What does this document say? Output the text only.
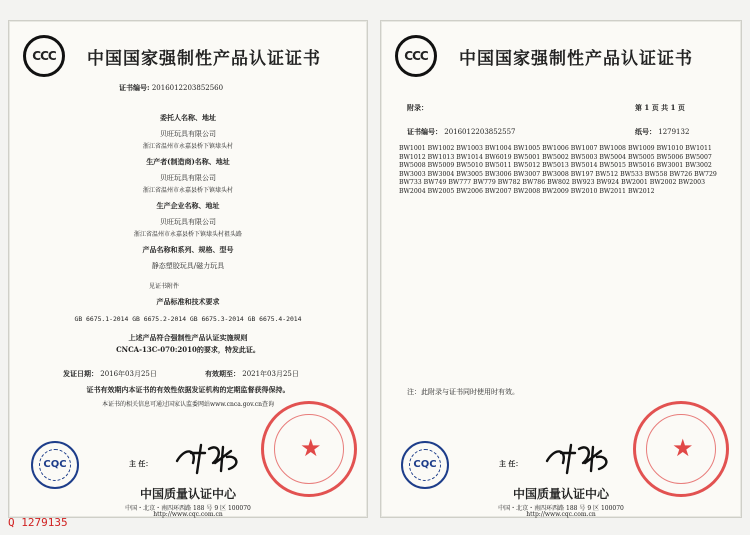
CCC 中国国家强制性产品认证证书
证书编号: 2016012203852560
委托人名称、地址
贝旺玩具有限公司
浙江省温州市永嘉县桥下镇埭头村
生产者(制造商)名称、地址
贝旺玩具有限公司
浙江省温州市永嘉县桥下镇埭头村
生产企业名称、地址
贝旺玩具有限公司
浙江省温州市永嘉县桥下镇埭头村祖头路
产品名称和系列、规格、型号
静态塑胶玩具/磁力玩具
见证书附件
产品标准和技术要求
GB 6675.1-2014 GB 6675.2-2014 GB 6675.3-2014 GB 6675.4-2014
上述产品符合强制性产品认证实施规则
CNCA-13C-070:2010的要求，特发此证。
发证日期： 2016年03月25日	有效期至： 2021年03月25日
证书有效期内本证书的有效性依据发证机构的定期监督获得保持。
本证书的相关信息可通过国家认监委网站www.cnca.gov.cn查询
CQC	主 任：
★
中国质量认证中心
中国・北京・南四环西路 188 号 9 区 100070
http://www.cqc.com.cn
CCC 中国国家强制性产品认证证书
附录：	第 1 页 共 1 页
证书编号： 2016012203852557	纸号： 1279132
BW1001 BW1002 BW1003 BW1004 BW1005 BW1006 BW1007 BW1008 BW1009 BW1010 BW1011
BW1012 BW1013 BW1014 BW6019 BW5001 BW5002 BW5003 BW5004 BW5005 BW5006 BW5007
BW5008 BW5009 BW5010 BW5011 BW5012 BW5013 BW5014 BW5015 BW5016 BW3001 BW3002
BW3003 BW3004 BW3005 BW3006 BW3007 BW3008 BW197 BW512 BW533 BW558 BW726 BW729
BW733 BW749 BW777 BW779 BW782 BW786 BW802 BW923 BW924 BW2001 BW2002 BW2003
BW2004 BW2005 BW2006 BW2007 BW2008 BW2009 BW2010 BW2011 BW2012
注：此附录与证书同时使用时有效。
CQC	主 任：
★
中国质量认证中心
中国・北京・南四环西路 188 号 9 区 100070
http://www.cqc.com.cn
Q 1279135
